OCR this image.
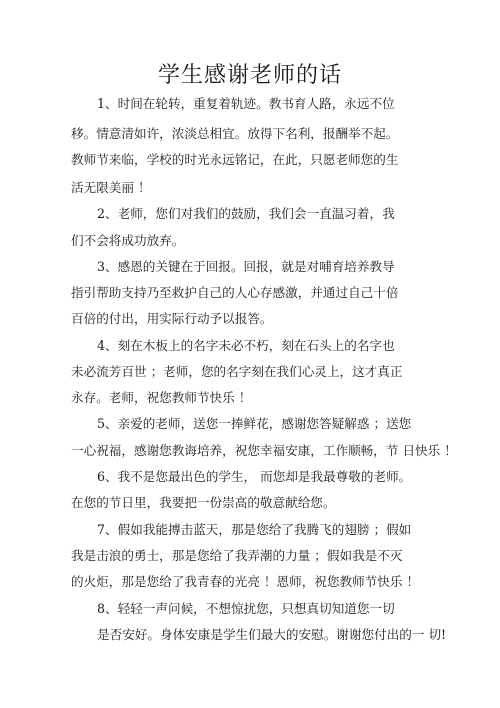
学生感谢老师的话

1、时间在轮转，重复着轨迹。教书育人路，永远不位

移。情意清如许，浓淡总相宜。放得下名利，报酬举不起。

教师节来临，学校的时光永远铭记，在此，只愿老师您的生

活无限美丽 ！

2、老师，您们对我们的鼓励，我们会一直温习着，我

们不会将成功放弃。

3、感恩的关键在于回报。回报，就是对哺育培养教导

指引帮助支持乃至救护自己的人心存感激，并通过自己十倍

百倍的付出，用实际行动予以报答。

4、刻在木板上的名字未必不朽，刻在石头上的名字也

未必流芳百世 ；老师，您的名字刻在我们心灵上，这才真正

永存。老师，祝您教师节快乐 ！

5、亲爱的老师，送您一捧鲜花，感谢您答疑解惑 ；送您

一心祝福，感谢您教诲培养，祝您幸福安康，工作顺畅，节 日快乐 ！

6、我不是您最出色的学生， 而您却是我最尊敬的老师。

在您的节日里，我要把一份崇高的敬意献给您。

7、假如我能搏击蓝天，那是您给了我腾飞的翅膀 ；假如

我是击浪的勇士，那是您给了我弄潮的力量 ；假如我是不灭

的火炬，那是您给了我青春的光亮 ！恩师，祝您教师节快乐 ！

8、轻轻一声问候，不想惊扰您，只想真切知道您一切

是否安好。身体安康是学生们最大的安慰。谢谢您付出的一 切!
